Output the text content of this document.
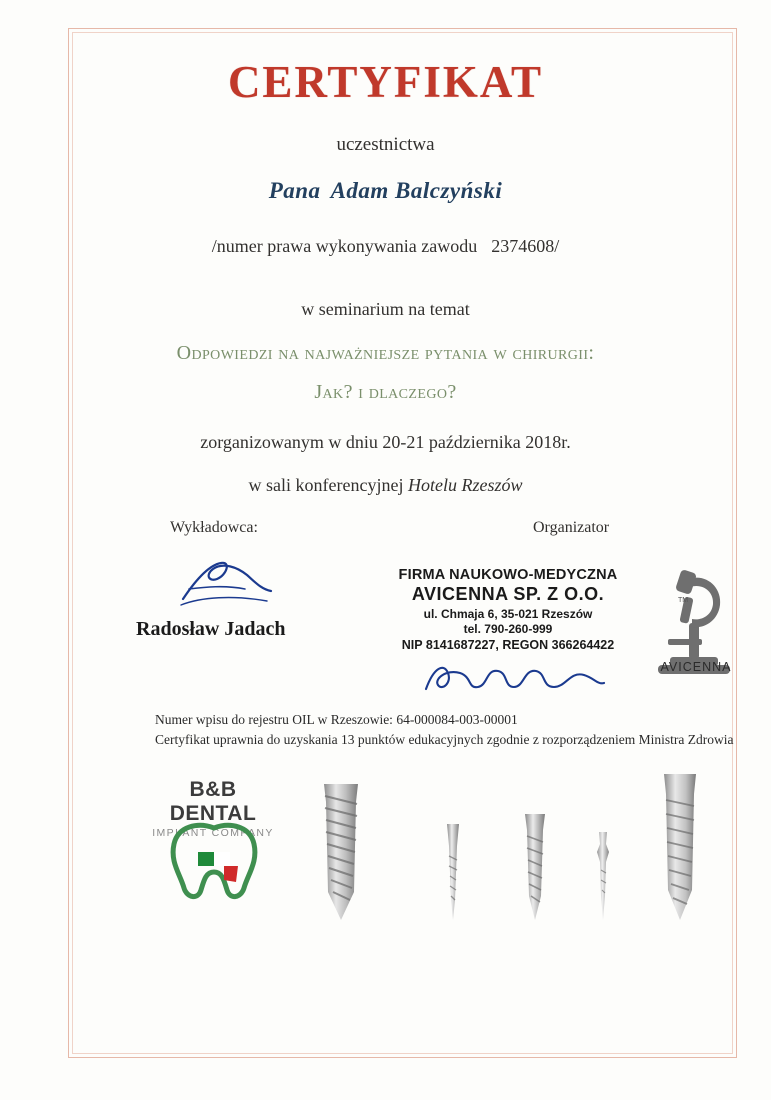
CERTYFIKAT
uczestnictwa
Pana Adam Balczyński
/numer prawa wykonywania zawodu 2374608/
w seminarium na temat
Odpowiedzi na najważniejsze pytania w chirurgii:
Jak? i dlaczego?
zorganizowanym w dniu 20-21 października 2018r.
w sali konferencyjnej Hotelu Rzeszów
Wykładowca:
Radosław Jadach
Organizator
FIRMA NAUKOWO-MEDYCZNA
AVICENNA SP. Z O.O.
ul. Chmaja 6, 35-021 Rzeszów
tel. 790-260-999
NIP 8141687227, REGON 366264422
TM
AVICENNA
Numer wpisu do rejestru OIL w Rzeszowie: 64-000084-003-00001
Certyfikat uprawnia do uzyskania 13 punktów edukacyjnych zgodnie z rozporządzeniem Ministra Zdrowia
B&B DENTAL
IMPLANT COMPANY
